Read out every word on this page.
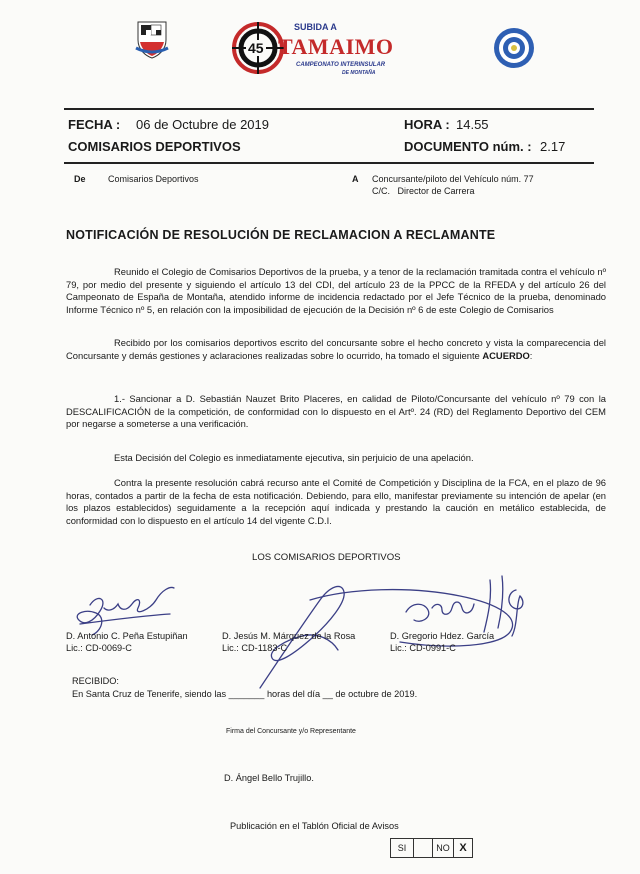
45
SUBIDA A
TAMAIMO
CAMPEONATO INTERINSULAR
DE MONTAÑA
FECHA : 06 de Octubre de 2019	HORA : 14.55
COMISARIOS DEPORTIVOS	DOCUMENTO núm. : 2.17
De Comisarios Deportivos	A Concursante/piloto del Vehículo núm. 77
C/C.   Director de Carrera
NOTIFICACIÓN DE RESOLUCIÓN DE RECLAMACION A RECLAMANTE
Reunido el Colegio de Comisarios Deportivos de la prueba, y a tenor de la reclamación tramitada contra el vehículo nº 79, por medio del presente y siguiendo el artículo 13 del CDI, del artículo 23 de la PPCC de la RFEDA y del artículo 26 del Campeonato de España de Montaña, atendido informe de incidencia redactado por el Jefe Técnico de la prueba, denominado Informe Técnico nº 5, en relación con la imposibilidad de ejecución de la Decisión nº 6 de este Colegio de Comisarios
Recibido por los comisarios deportivos escrito del concursante sobre el hecho concreto y vista la comparecencia del Concursante y demás gestiones y aclaraciones realizadas sobre lo ocurrido, ha tomado el siguiente ACUERDO:
1.- Sancionar a D. Sebastián Nauzet Brito Placeres, en calidad de Piloto/Concursante del vehículo nº 79 con la DESCALIFICACIÓN de la competición, de conformidad con lo dispuesto en el Artº. 24 (RD) del Reglamento Deportivo del CEM por negarse a someterse a una verificación.
Esta Decisión del Colegio es inmediatamente ejecutiva, sin perjuicio de una apelación.
Contra la presente resolución cabrá recurso ante el Comité de Competición y Disciplina de la FCA, en el plazo de 96 horas, contados a partir de la fecha de esta notificación. Debiendo, para ello, manifestar previamente su intención de apelar (en los plazos establecidos) seguidamente a la recepción aquí indicada y prestando la caución en metálico establecida, de conformidad con lo dispuesto en el artículo 14 del vigente C.D.I.
LOS COMISARIOS DEPORTIVOS
D. Antonio C. Peña Estupiñan
Lic.: CD-0069-C
D. Jesús M. Márquez de la Rosa
Lic.: CD-1183-C
D. Gregorio Hdez. García
Lic.: CD-0991-C
RECIBIDO:
En Santa Cruz de Tenerife, siendo las _______ horas del día __ de octubre de 2019.
Firma del Concursante y/o Representante
D. Ángel Bello Trujillo.
Publicación en el Tablón Oficial de Avisos
SI	NO X
